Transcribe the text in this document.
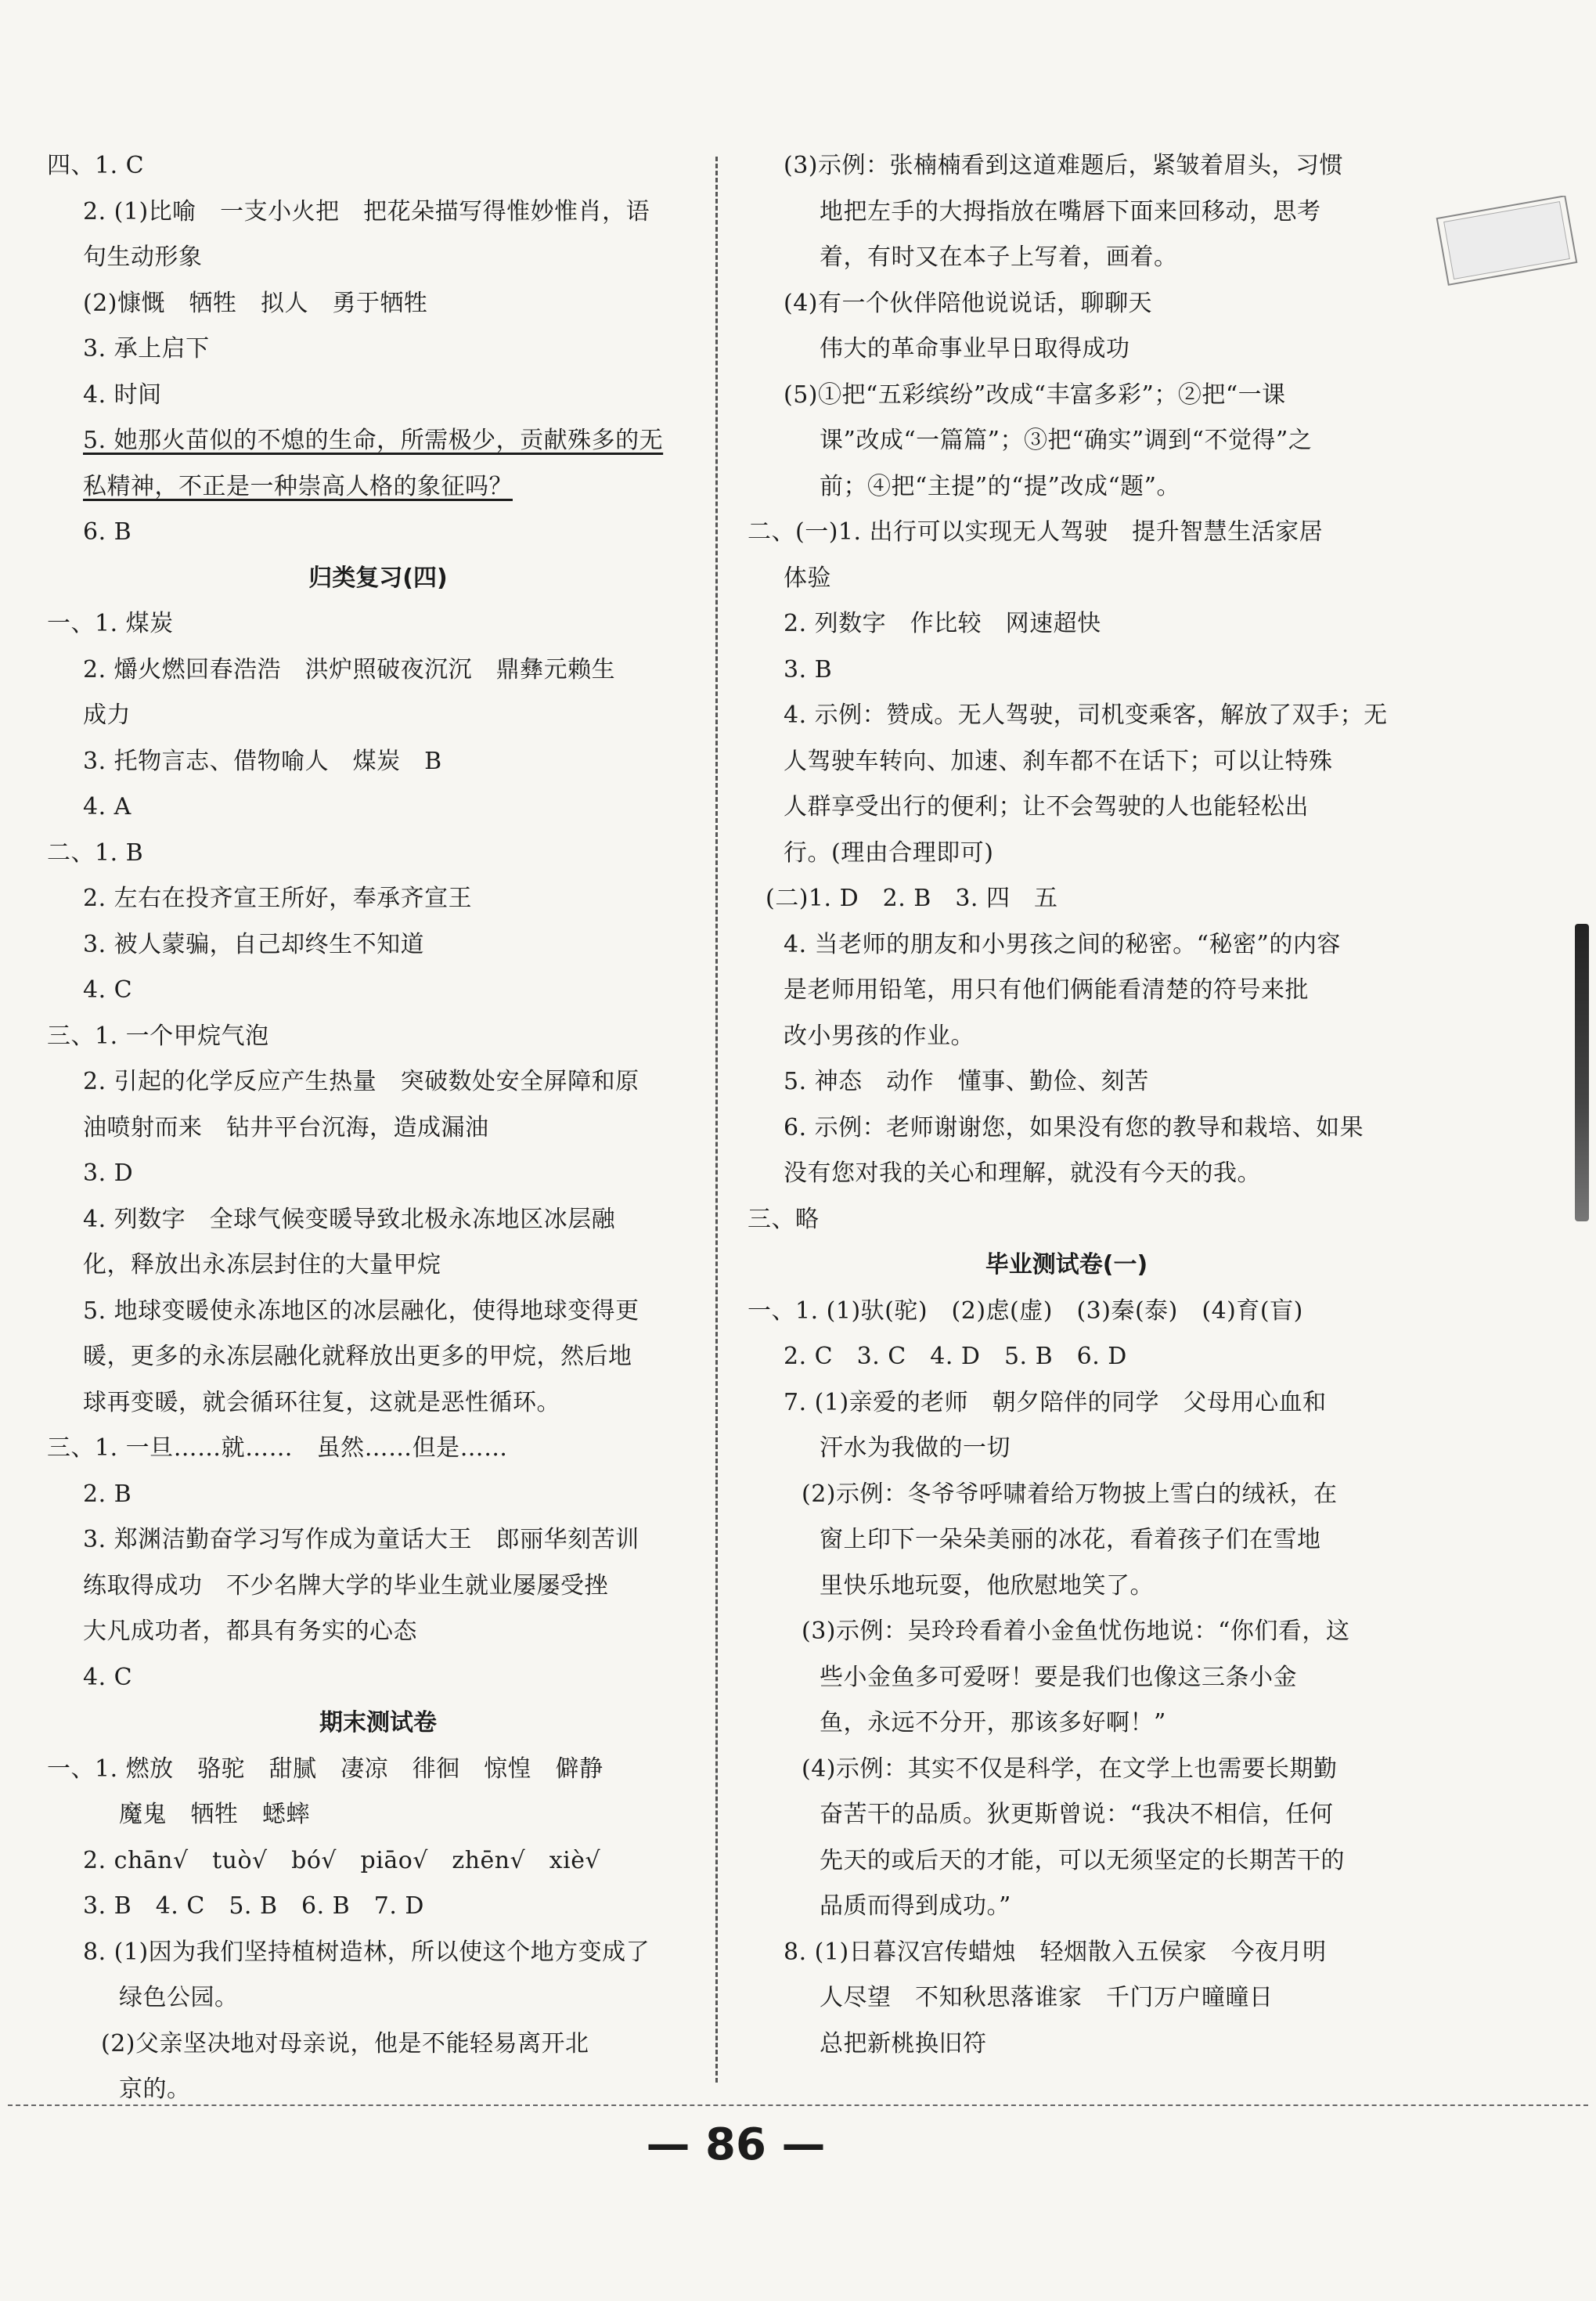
四、1. C
2. (1)比喻　一支小火把　把花朵描写得惟妙惟肖，语
句生动形象
(2)慷慨　牺牲　拟人　勇于牺牲
3. 承上启下
4. 时间
5. 她那火苗似的不熄的生命，所需极少，贡献殊多的无
私精神，不正是一种崇高人格的象征吗？
6. B
归类复习(四)
一、1. 煤炭
2. 爝火燃回春浩浩　洪炉照破夜沉沉　鼎彝元赖生
成力
3. 托物言志、借物喻人　煤炭　B
4. A
二、1. B
2. 左右在投齐宣王所好，奉承齐宣王
3. 被人蒙骗，自己却终生不知道
4. C
三、1. 一个甲烷气泡
2. 引起的化学反应产生热量　突破数处安全屏障和原
油喷射而来　钻井平台沉海，造成漏油
3. D
4. 列数字　全球气候变暖导致北极永冻地区冰层融
化，释放出永冻层封住的大量甲烷
5. 地球变暖使永冻地区的冰层融化，使得地球变得更
暖，更多的永冻层融化就释放出更多的甲烷，然后地
球再变暖，就会循环往复，这就是恶性循环。
三、1. 一旦……就……　虽然……但是……
2. B
3. 郑渊洁勤奋学习写作成为童话大王　郎丽华刻苦训
练取得成功　不少名牌大学的毕业生就业屡屡受挫
大凡成功者，都具有务实的心态
4. C
期末测试卷
一、1. 燃放　骆驼　甜腻　凄凉　徘徊　惊惶　僻静
魔鬼　牺牲　蟋蟀
2. chān√　tuò√　bó√　piāo√　zhēn√　xiè√
3. B　4. C　5. B　6. B　7. D
8. (1)因为我们坚持植树造林，所以使这个地方变成了
绿色公园。
(2)父亲坚决地对母亲说，他是不能轻易离开北
京的。
(3)示例：张楠楠看到这道难题后，紧皱着眉头，习惯
地把左手的大拇指放在嘴唇下面来回移动，思考
着，有时又在本子上写着，画着。
(4)有一个伙伴陪他说说话，聊聊天
伟大的革命事业早日取得成功
(5)①把“五彩缤纷”改成“丰富多彩”；②把“一课
课”改成“一篇篇”；③把“确实”调到“不觉得”之
前；④把“主提”的“提”改成“题”。
二、(一)1. 出行可以实现无人驾驶　提升智慧生活家居
体验
2. 列数字　作比较　网速超快
3. B
4. 示例：赞成。无人驾驶，司机变乘客，解放了双手；无
人驾驶车转向、加速、刹车都不在话下；可以让特殊
人群享受出行的便利；让不会驾驶的人也能轻松出
行。(理由合理即可)
(二)1. D　2. B　3. 四　五
4. 当老师的朋友和小男孩之间的秘密。“秘密”的内容
是老师用铅笔，用只有他们俩能看清楚的符号来批
改小男孩的作业。
5. 神态　动作　懂事、勤俭、刻苦
6. 示例：老师谢谢您，如果没有您的教导和栽培、如果
没有您对我的关心和理解，就没有今天的我。
三、略
毕业测试卷(一)
一、1. (1)驮(驼)　(2)虑(虚)　(3)秦(泰)　(4)育(盲)
2. C　3. C　4. D　5. B　6. D
7. (1)亲爱的老师　朝夕陪伴的同学　父母用心血和
汗水为我做的一切
(2)示例：冬爷爷呼啸着给万物披上雪白的绒袄，在
窗上印下一朵朵美丽的冰花，看着孩子们在雪地
里快乐地玩耍，他欣慰地笑了。
(3)示例：吴玲玲看着小金鱼忧伤地说：“你们看，这
些小金鱼多可爱呀！要是我们也像这三条小金
鱼，永远不分开，那该多好啊！”
(4)示例：其实不仅是科学，在文学上也需要长期勤
奋苦干的品质。狄更斯曾说：“我决不相信，任何
先天的或后天的才能，可以无须坚定的长期苦干的
品质而得到成功。”
8. (1)日暮汉宫传蜡烛　轻烟散入五侯家　今夜月明
人尽望　不知秋思落谁家　千门万户曈曈日
总把新桃换旧符
— 86 —
